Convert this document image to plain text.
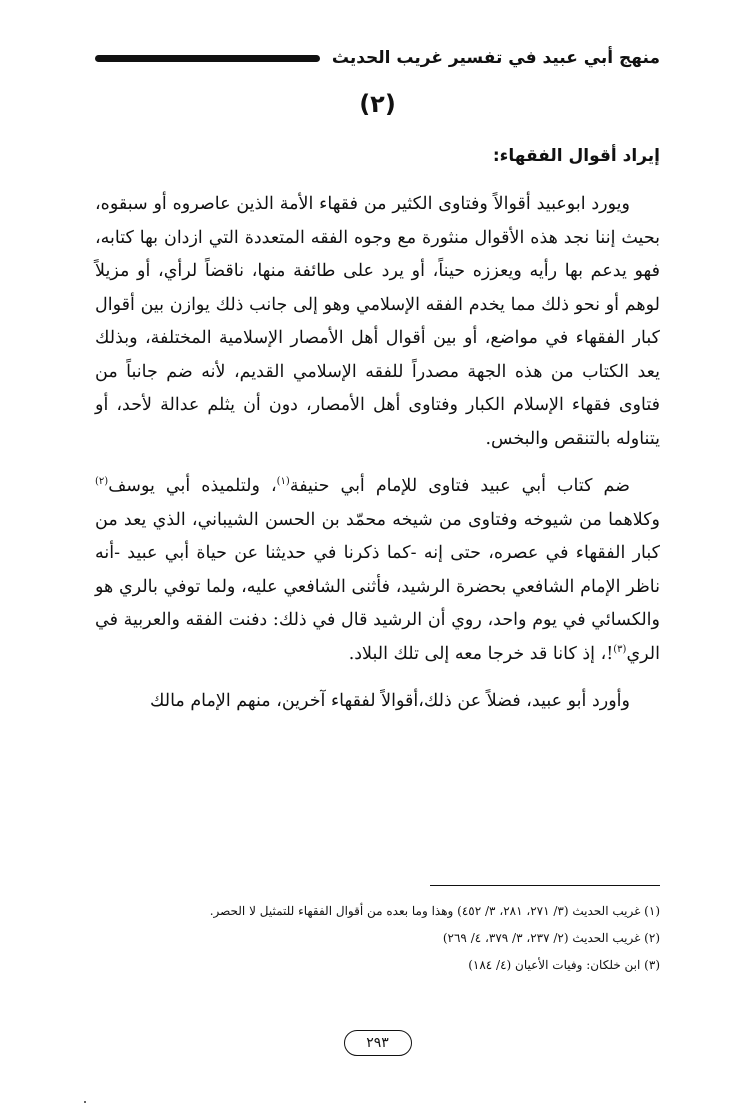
منهج أبي عبيد في تفسير غريب الحديث
(٢)
إيراد أقوال الفقهاء:

ويورد ابوعبيد أقوالاً وفتاوى الكثير من فقهاء الأمة الذين عاصروه أو سبقوه، بحيث إننا نجد هذه الأقوال منثورة مع وجوه الفقه المتعددة التي ازدان بها كتابه، فهو يدعم بها رأيه ويعززه حيناً، أو يرد على طائفة منها، ناقضاً لرأي، أو مزيلاً لوهم أو نحو ذلك مما يخدم الفقه الإسلامي وهو إلى جانب ذلك يوازن بين أقوال كبار الفقهاء في مواضع، أو بين أقوال أهل الأمصار الإسلامية المختلفة، وبذلك يعد الكتاب من هذه الجهة مصدراً للفقه الإسلامي القديم، لأنه ضم جانباً من فتاوى فقهاء الإسلام الكبار وفتاوى أهل الأمصار، دون أن يثلم عدالة لأحد، أو يتناوله بالتنقص والبخس.

ضم كتاب أبي عبيد فتاوى للإمام أبي حنيفة$^{(١)}$، ولتلميذه أبي يوسف$^{(٢)}$ وكلاهما من شيوخه وفتاوى من شيخه محمّد بن الحسن الشيباني، الذي يعد من كبار الفقهاء في عصره، حتى إنه -كما ذكرنا في حديثنا عن حياة أبي عبيد -أنه ناظر الإمام الشافعي بحضرة الرشيد، فأثنى الشافعي عليه، ولما توفي بالري هو والكسائي في يوم واحد، روي أن الرشيد قال في ذلك: دفنت الفقه والعربية في الري$^{(٣)}$!، إذ كانا قد خرجا معه إلى تلك البلاد.

وأورد أبو عبيد، فضلاً عن ذلك،أقوالاً لفقهاء آخرين، منهم الإمام مالك

(١) غريب الحديث (٣/ ٢٧١، ٢٨١، ٣/ ٤٥٢) وهذا وما بعده من أقوال الفقهاء للتمثيل لا الحصر.
(٢) غريب الحديث (٢/ ٢٣٧، ٣/ ٣٧٩، ٤/ ٢٦٩)
(٣) ابن خلكان: وفيات الأعيان (٤/ ١٨٤)
٢٩٣
